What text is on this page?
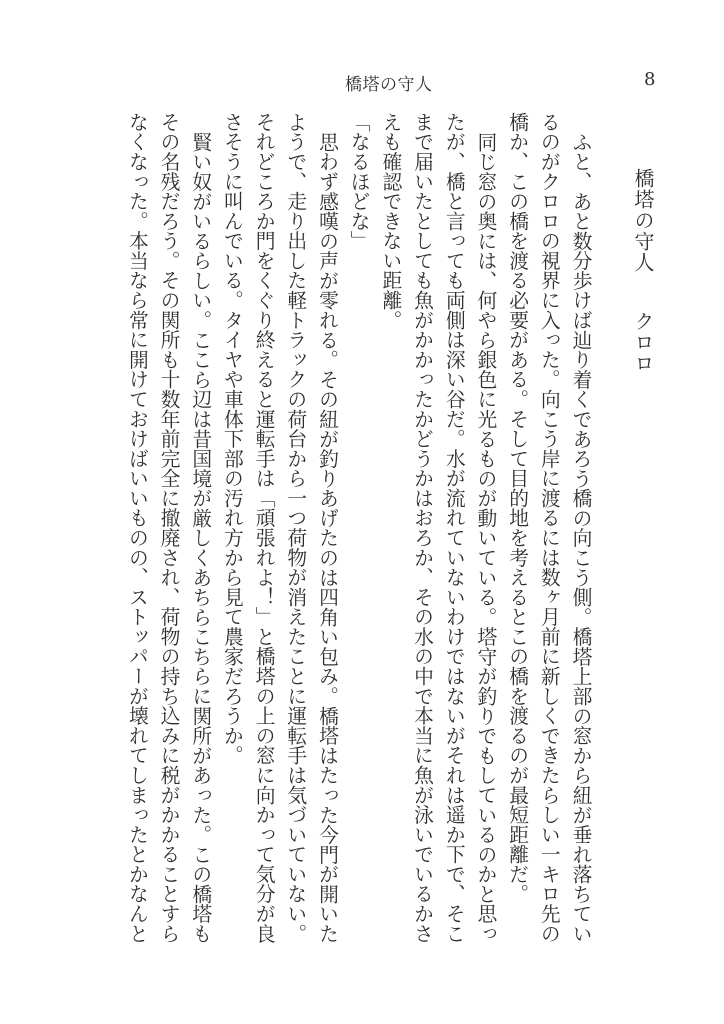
橋塔の守人	8
橋塔の守人クロロ
ふと、あと数分歩けば辿り着くであろう橋の向こう側。橋塔上部の窓から紐が垂れ落ちてい
るのがクロロの視界に入った。向こう岸に渡るには数ヶ月前に新しくできたらしい一キロ先の
橋か、この橋を渡る必要がある。そして目的地を考えるとこの橋を渡るのが最短距離だ。
同じ窓の奥には、何やら銀色に光るものが動いている。塔守が釣りでもしているのかと思っ
たが、橋と言っても両側は深い谷だ。水が流れていないわけではないがそれは遥か下で、そこ
まで届いたとしても魚がかかったかどうかはおろか、その水の中で本当に魚が泳いでいるかさ
えも確認できない距離。
「なるほどな」
思わず感嘆の声が零れる。その紐が釣りあげたのは四角い包み。橋塔はたった今門が開いた
ようで、走り出した軽トラックの荷台から一つ荷物が消えたことに運転手は気づいていない。
それどころか門をくぐり終えると運転手は「頑張れよ！」と橋塔の上の窓に向かって気分が良
さそうに叫んでいる。タイヤや車体下部の汚れ方から見て農家だろうか。
賢い奴がいるらしい。ここら辺は昔国境が厳しくあちらこちらに関所があった。この橋塔も
その名残だろう。その関所も十数年前完全に撤廃され、荷物の持ち込みに税がかかることすら
なくなった。本当なら常に開けておけばいいものの、ストッパーが壊れてしまったとかなんと
